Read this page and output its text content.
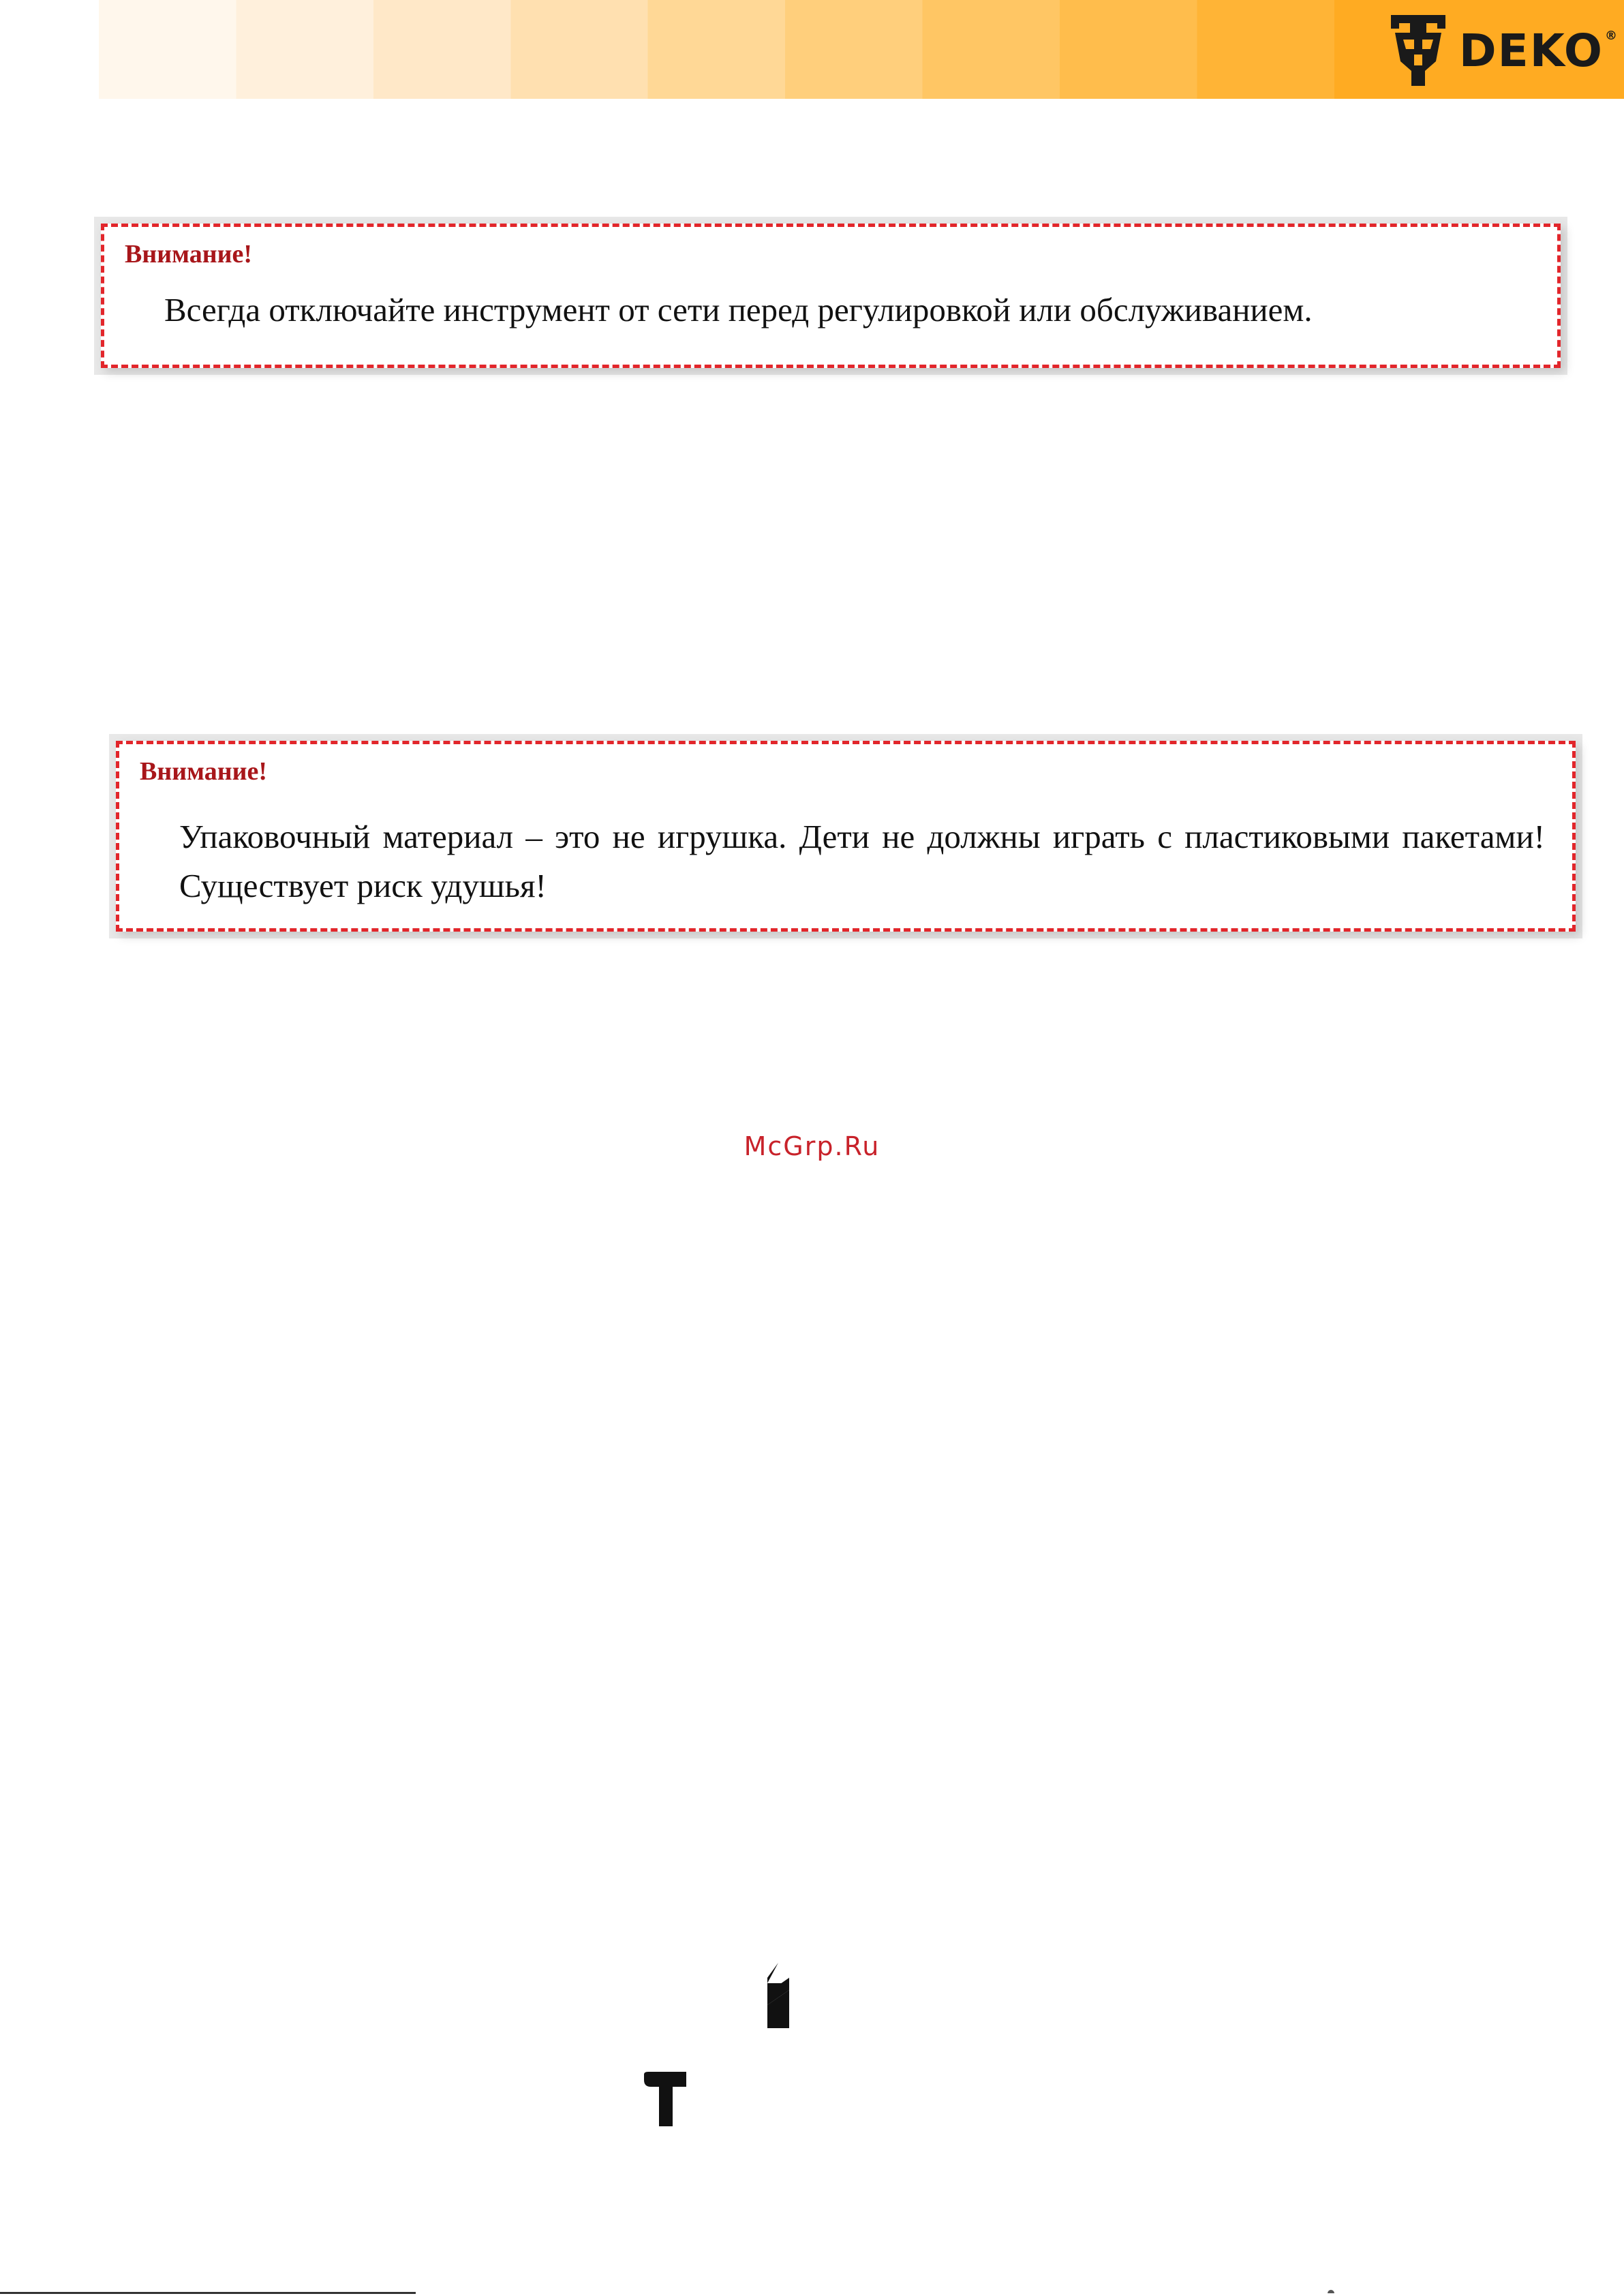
DEKO ®
Внимание!
Всегда отключайте инструмент от сети перед регулировкой или обслуживанием.
Внимание!
Упаковочный материал – это не игрушка. Дети не должны играть с пластиковыми пакетами! Существует риск удушья!
McGrp.Ru
